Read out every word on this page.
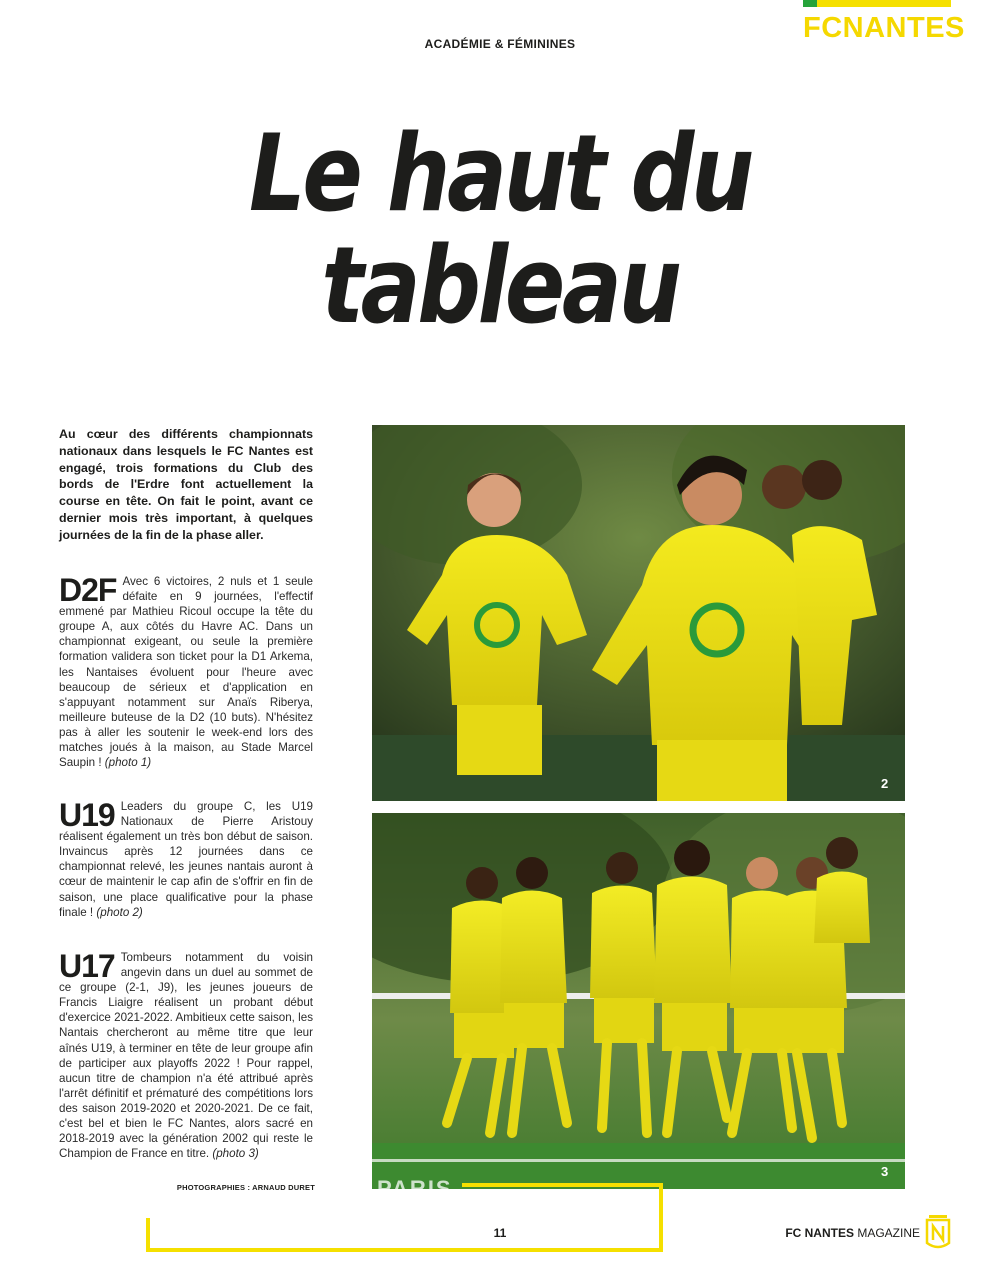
FCNANTES
ACADÉMIE & FÉMININES
Le haut du
tableau
Au cœur des différents championnats nationaux dans lesquels le FC Nantes est engagé, trois formations du Club des bords de l'Erdre font actuellement la course en tête. On fait le point, avant ce dernier mois très important, à quelques journées de la fin de la phase aller.
D2F Avec 6 victoires, 2 nuls et 1 seule défaite en 9 journées, l'effectif emmené par Mathieu Ricoul occupe la tête du groupe A, aux côtés du Havre AC. Dans un championnat exigeant, ou seule la première formation validera son ticket pour la D1 Arkema, les Nantaises évoluent pour l'heure avec beaucoup de sérieux et d'application en s'appuyant notamment sur Anaïs Riberya, meilleure buteuse de la D2 (10 buts). N'hésitez pas à aller les soutenir le week-end lors des matches joués à la maison, au Stade Marcel Saupin ! (photo 1)
U19 Leaders du groupe C, les U19 Nationaux de Pierre Aristouy réalisent également un très bon début de saison. Invaincus après 12 journées dans ce championnat relevé, les jeunes nantais auront à cœur de maintenir le cap afin de s'offrir en fin de saison, une place qualificative pour la phase finale ! (photo 2)
U17 Tombeurs notamment du voisin angevin dans un duel au sommet de ce groupe (2-1, J9), les jeunes joueurs de Francis Liaigre réalisent un probant début d'exercice 2021-2022. Ambitieux cette saison, les Nantais chercheront au même titre que leur aînés U19, à terminer en tête de leur groupe afin de participer aux playoffs 2022 ! Pour rappel, aucun titre de champion n'a été attribué après l'arrêt définitif et prématuré des compétitions lors des saison 2019-2020 et 2020-2021. De ce fait, c'est bel et bien le FC Nantes, alors sacré en 2018-2019 avec la génération 2002 qui reste le Champion de France en titre. (photo 3)
PHOTOGRAPHIES : ARNAUD DURET
2
3
PARIS
11	FC NANTES MAGAZINE
